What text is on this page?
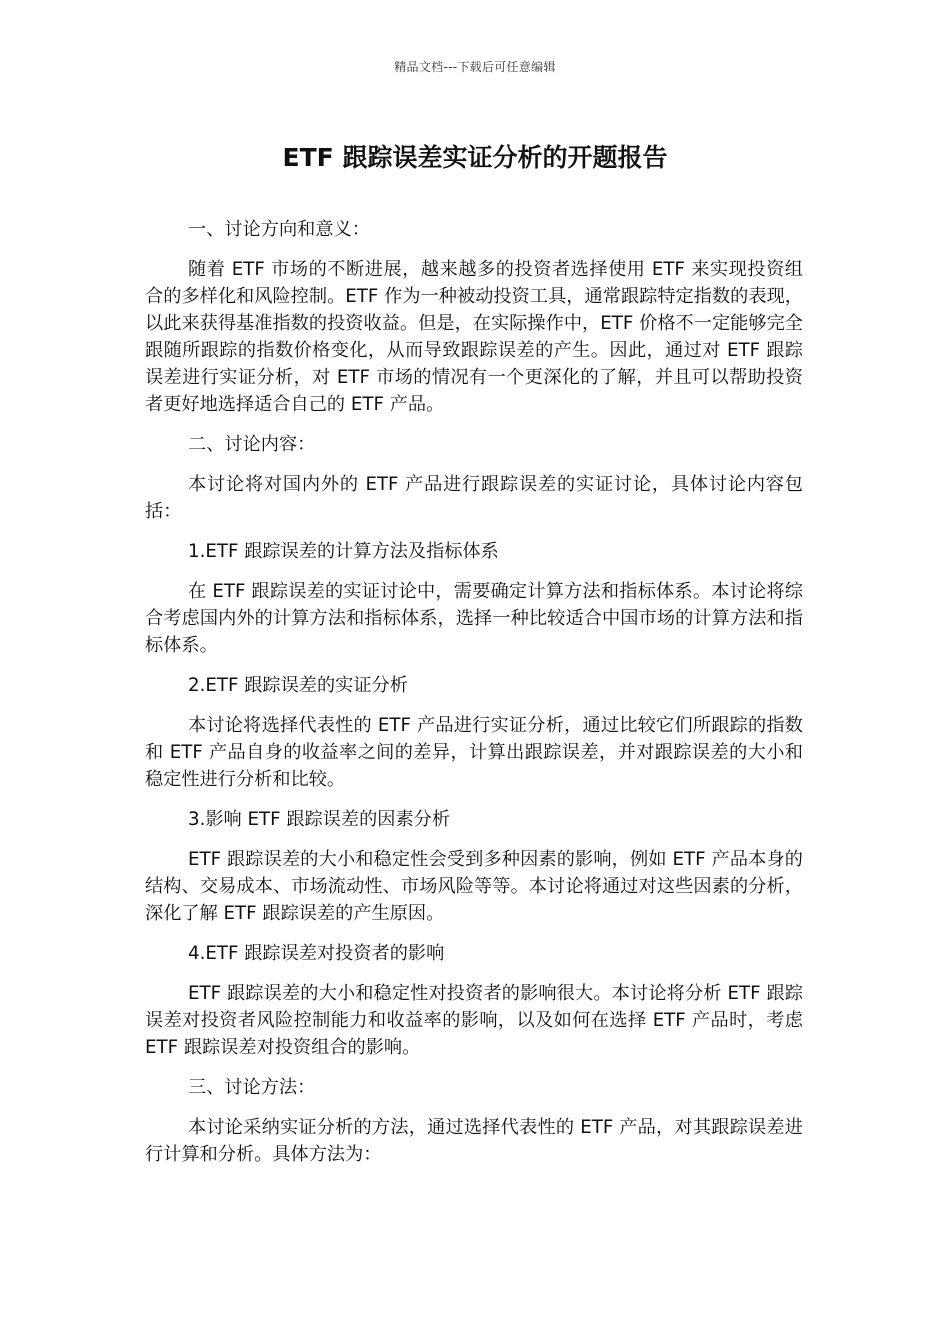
精品文档---下载后可任意编辑
ETF 跟踪误差实证分析的开题报告

一、讨论方向和意义：

随着 ETF 市场的不断进展，越来越多的投资者选择使用 ETF 来实现投资组合的多样化和风险控制。ETF 作为一种被动投资工具，通常跟踪特定指数的表现，以此来获得基准指数的投资收益。但是，在实际操作中，ETF 价格不一定能够完全跟随所跟踪的指数价格变化，从而导致跟踪误差的产生。因此，通过对 ETF 跟踪误差进行实证分析，对 ETF 市场的情况有一个更深化的了解，并且可以帮助投资者更好地选择适合自己的 ETF 产品。

二、讨论内容：

本讨论将对国内外的 ETF 产品进行跟踪误差的实证讨论，具体讨论内容包括：

1.ETF 跟踪误差的计算方法及指标体系

在 ETF 跟踪误差的实证讨论中，需要确定计算方法和指标体系。本讨论将综合考虑国内外的计算方法和指标体系，选择一种比较适合中国市场的计算方法和指标体系。

2.ETF 跟踪误差的实证分析

本讨论将选择代表性的 ETF 产品进行实证分析，通过比较它们所跟踪的指数和 ETF 产品自身的收益率之间的差异，计算出跟踪误差，并对跟踪误差的大小和稳定性进行分析和比较。

3.影响 ETF 跟踪误差的因素分析

ETF 跟踪误差的大小和稳定性会受到多种因素的影响，例如 ETF 产品本身的结构、交易成本、市场流动性、市场风险等等。本讨论将通过对这些因素的分析，深化了解 ETF 跟踪误差的产生原因。

4.ETF 跟踪误差对投资者的影响

ETF 跟踪误差的大小和稳定性对投资者的影响很大。本讨论将分析 ETF 跟踪误差对投资者风险控制能力和收益率的影响，以及如何在选择 ETF 产品时，考虑 ETF 跟踪误差对投资组合的影响。

三、讨论方法：

本讨论采纳实证分析的方法，通过选择代表性的 ETF 产品，对其跟踪误差进行计算和分析。具体方法为：
